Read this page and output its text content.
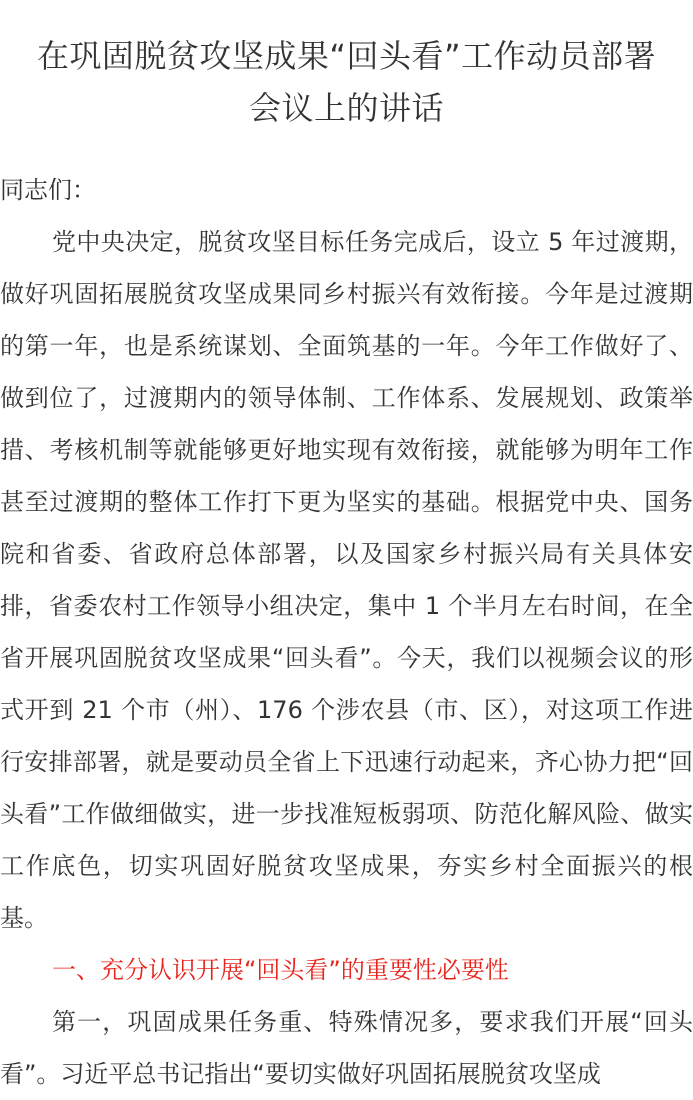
在巩固脱贫攻坚成果“回头看”工作动员部署
会议上的讲话

同志们：

党中央决定，脱贫攻坚目标任务完成后，设立 5 年过渡期，做好巩固拓展脱贫攻坚成果同乡村振兴有效衔接。今年是过渡期的第一年，也是系统谋划、全面筑基的一年。今年工作做好了、做到位了，过渡期内的领导体制、工作体系、发展规划、政策举措、考核机制等就能够更好地实现有效衔接，就能够为明年工作甚至过渡期的整体工作打下更为坚实的基础。根据党中央、国务院和省委、省政府总体部署，以及国家乡村振兴局有关具体安排，省委农村工作领导小组决定，集中 1 个半月左右时间，在全省开展巩固脱贫攻坚成果“回头看”。今天，我们以视频会议的形式开到 21 个市（州）、176 个涉农县（市、区），对这项工作进行安排部署，就是要动员全省上下迅速行动起来，齐心协力把“回头看”工作做细做实，进一步找准短板弱项、防范化解风险、做实工作底色，切实巩固好脱贫攻坚成果，夯实乡村全面振兴的根基。

一、充分认识开展“回头看”的重要性必要性

第一，巩固成果任务重、特殊情况多，要求我们开展“回头看”。习近平总书记指出“要切实做好巩固拓展脱贫攻坚成
